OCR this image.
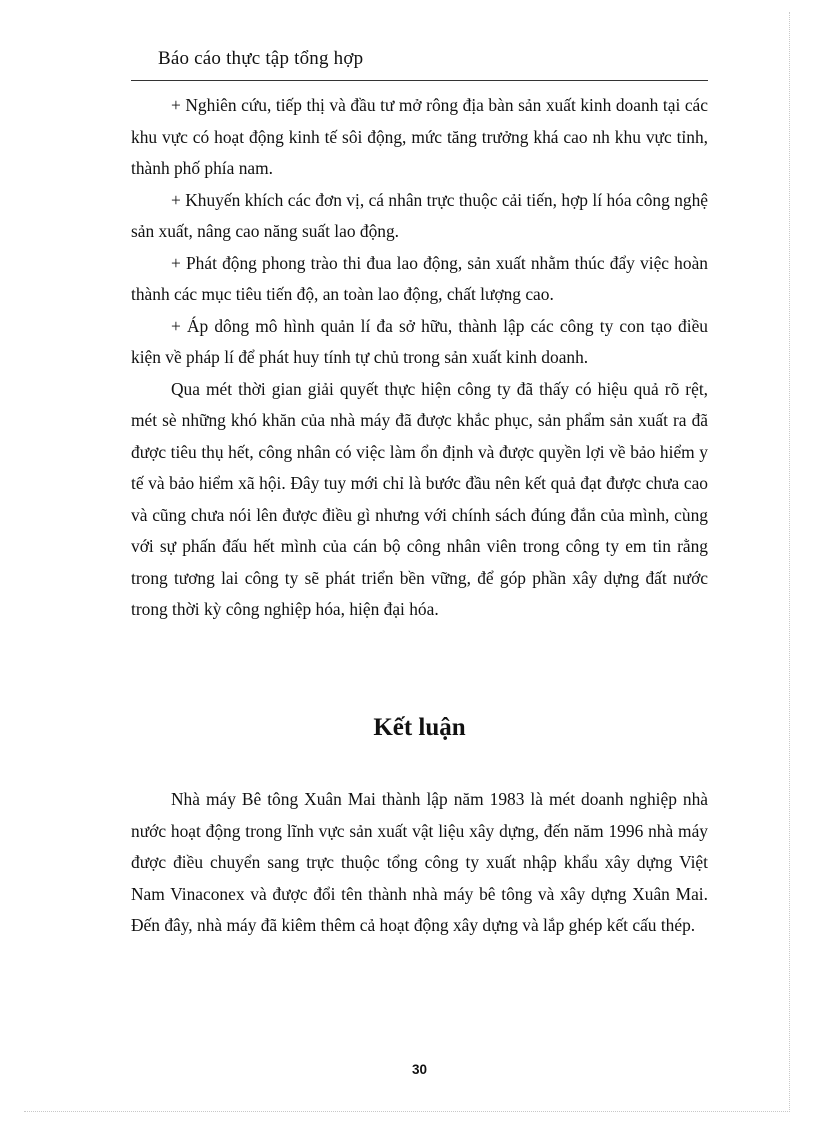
Báo cáo thực tập tổng hợp

+ Nghiên cứu, tiếp thị và đầu tư mở rông địa bàn sản xuất kinh doanh tại các khu vực có hoạt động kinh tế sôi động, mức tăng trưởng khá cao nh khu vực tỉnh, thành phố phía nam.

+ Khuyến khích các đơn vị, cá nhân trực thuộc cải tiến, hợp lí hóa công nghệ sản xuất, nâng cao năng suất lao động.

+ Phát động phong trào thi đua lao động, sản xuất nhằm thúc đẩy việc hoàn thành các mục tiêu tiến độ, an toàn lao động, chất lượng cao.

+ Áp dông mô hình quản lí đa sở hữu, thành lập các công ty con tạo điều kiện về pháp lí để phát huy tính tự chủ trong sản xuất kinh doanh.

Qua mét thời gian giải quyết thực hiện công ty đã thấy có hiệu quả rõ rệt, mét sè những khó khăn của nhà máy đã được khắc phục, sản phẩm sản xuất ra đã được tiêu thụ hết, công nhân có việc làm ổn định và được quyền lợi về bảo hiểm y tế và bảo hiểm xã hội. Đây tuy mới chỉ là bước đầu nên kết quả đạt được chưa cao và cũng chưa nói lên được điều gì nhưng với chính sách đúng đắn của mình, cùng với sự phấn đấu hết mình của cán bộ công nhân viên trong công ty em tin rằng trong tương lai công ty sẽ phát triển bền vững, để góp phần xây dựng đất nước trong thời kỳ công nghiệp hóa, hiện đại hóa.

Kết luận

Nhà máy Bê tông Xuân Mai thành lập năm 1983 là mét doanh nghiệp nhà nước hoạt động trong lĩnh vực sản xuất vật liệu xây dựng, đến năm 1996 nhà máy được điều chuyển sang trực thuộc tổng công ty xuất nhập khẩu xây dựng Việt Nam Vinaconex và được đổi tên thành nhà máy bê tông và xây dựng Xuân Mai. Đến đây, nhà máy đã kiêm thêm cả hoạt động xây dựng và lắp ghép kết cấu thép.

30
